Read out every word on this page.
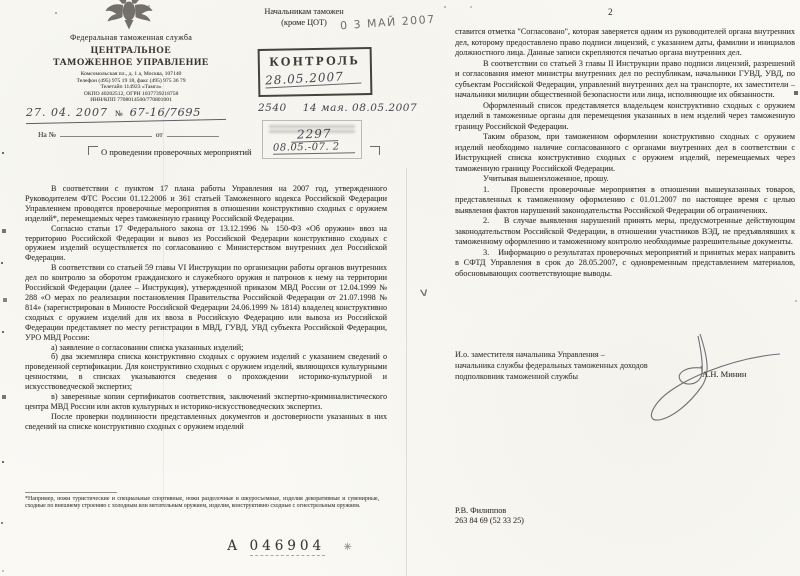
Федеральная таможенная служба
ЦЕНТРАЛЬНОЕ
ТАМОЖЕННОЕ УПРАВЛЕНИЕ
Комсомольская пл., д. 1 а, Москва, 107140
Телефон (495) 975 19 18, факс (495) 975 36 79
Телетайп 114923 «Тамга»
ОКПО 40202512, ОГРН 1037739218758
ИНН/КПП 7708014500/770801001
27. 04. 2007 № 67-16/7695
На №	от
О проведении проверочных мероприятий

В соответствии с пунктом 17 плана работы Управления на 2007 год, утвержденного Руководителем ФТС России 01.12.2006 и 361 статьей Таможенного кодекса Российской Федерации Управлением проводятся проверочные мероприятия в отношении конструктивно сходных с оружием изделий*, перемещаемых через таможенную границу Российской Федерации.

Согласно статьи 17 Федерального закона от 13.12.1996 № 150-ФЗ «Об оружии» ввоз на территорию Российской Федерации и вывоз из Российской Федерации конструктивно сходных с оружием изделий осуществляется по согласованию с Министерством внутренних дел Российской Федерации.

В соответствии со статьей 59 главы VI Инструкции по организации работы органов внутренних дел по контролю за оборотом гражданского и служебного оружия и патронов к нему на территории Российской Федерации (далее – Инструкция), утвержденной приказом МВД России от 12.04.1999 № 288 «О мерах по реализации постановления Правительства Российской Федерации от 21.07.1998 № 814» (зарегистрирован в Минюсте Российской Федерации 24.06.1999 № 1814) владелец конструктивно сходных с оружием изделий для их ввоза в Российскую Федерацию или вывоза из Российской Федерации представляет по месту регистрации в МВД, ГУВД, УВД субъекта Российской Федерации, УРО МВД России:

а) заявление о согласовании списка указанных изделий;

б) два экземпляра списка конструктивно сходных с оружием изделий с указанием сведений о проведенной сертификации. Для конструктивно сходных с оружием изделий, являющихся культурными ценностями, в списках указываются сведения о прохождении историко-культурной и искусствоведческой экспертиз;

в) заверенные копии сертификатов соответствия, заключений экспертно-криминалистического центра МВД России или актов культурных и историко-искусствоведческих экспертиз.

После проверки подлинности представленных документов и достоверности указанных в них сведений на списке конструктивно сходных с оружием изделий

*Например, ножи туристические и специальные спортивные, ножи разделочные и шкуросъемные, изделия декоративные и сувенирные, сходные по внешнему строению с холодным или метательным оружием, изделия, конструктивно сходные с огнестрельным оружием.
А 046904 ✳
Начальникам таможен
(кроме ЦОТ)	0 3 МАЙ 2007
КОНТРОЛЬ
28.05.2007
2540 14 мая. 08.05.2007
2297
08.05.-07. 2
2

ставится отметка "Согласовано", которая заверяется одним из руководителей органа внутренних дел, которому предоставлено право подписи лицензий, с указанием даты, фамилии и инициалов должностного лица. Данные записи скрепляются печатью органа внутренних дел.

В соответствии со статьей 3 главы II Инструкции право подписи лицензий, разрешений и согласования имеют министры внутренних дел по республикам, начальники ГУВД, УВД, по субъектам Российской Федерации, управлений внутренних дел на транспорте, их заместители – начальники милиции общественной безопасности или лица, исполняющие их обязанности.

Оформленный список представляется владельцем конструктивно сходных с оружием изделий в таможенные органы для перемещения указанных в нем изделий через таможенную границу Российской Федерации.

Таким образом, при таможенном оформлении конструктивно сходных с оружием изделий необходимо наличие согласованного с органами внутренних дел в соответствии с Инструкцией списка конструктивно сходных с оружием изделий, перемещаемых через таможенную границу Российской Федерации.

Учитывая вышеизложенное, прошу.

1.    Провести проверочные мероприятия в отношении вышеуказанных товаров, представленных к таможенному оформлению с 01.01.2007 по настоящее время с целью выявления фактов нарушений законодательства Российской Федерации об ограничениях.

2.    В случае выявления нарушений принять меры, предусмотренные действующим законодательством Российской Федерации, в отношении участников ВЭД, не предъявлявших к таможенному оформлению и таможенному контролю необходимые разрешительные документы.

3.    Информацию о результатах проверочных мероприятий и принятых мерах направить в СФТД Управления в срок до 28.05.2007, с одновременным представлением материалов, обосновывающих соответствующие выводы.

∨
И.о. заместителя начальника Управления –
начальника службы федеральных таможенных доходов
подполковник таможенной службы	А.Н. Минин
Р.В. Филиппов
263 84 69 (52 33 25)
